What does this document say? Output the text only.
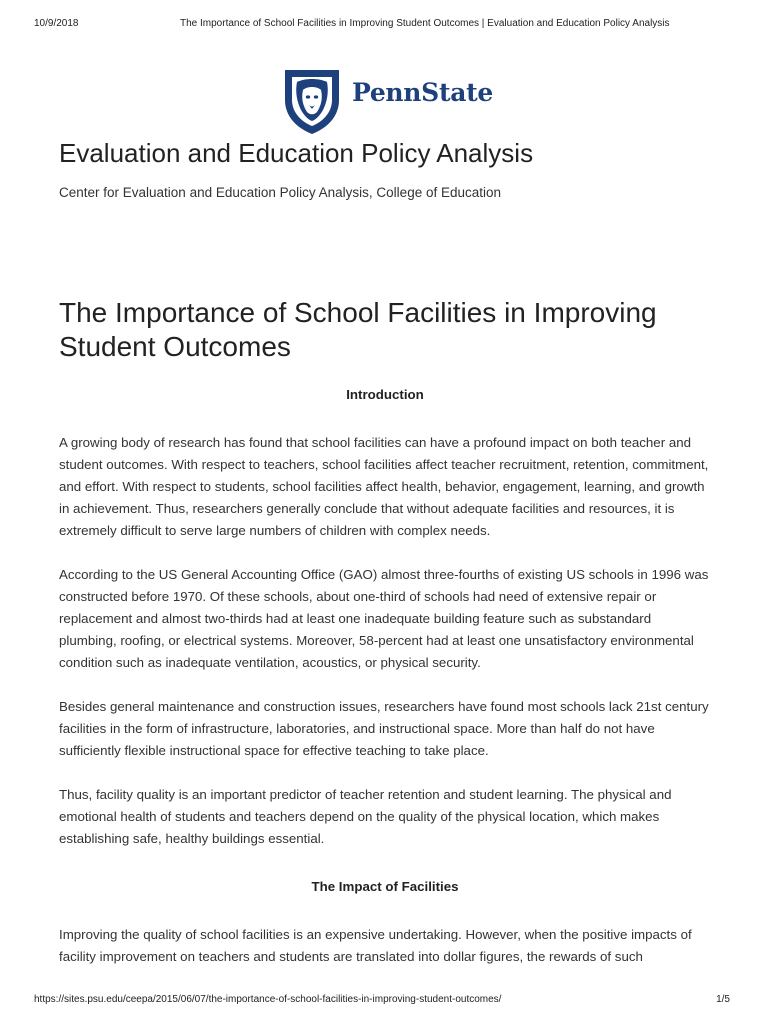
10/9/2018	The Importance of School Facilities in Improving Student Outcomes | Evaluation and Education Policy Analysis
PennState
Evaluation and Education Policy Analysis

Center for Evaluation and Education Policy Analysis, College of Education

The Importance of School Facilities in Improving Student Outcomes
Introduction

A growing body of research has found that school facilities can have a profound impact on both teacher and student outcomes. With respect to teachers, school facilities affect teacher recruitment, retention, commitment, and effort. With respect to students, school facilities affect health, behavior, engagement, learning, and growth in achievement. Thus, researchers generally conclude that without adequate facilities and resources, it is extremely difficult to serve large numbers of children with complex needs.

According to the US General Accounting Office (GAO) almost three-fourths of existing US schools in 1996 was constructed before 1970. Of these schools, about one-third of schools had need of extensive repair or replacement and almost two-thirds had at least one inadequate building feature such as substandard plumbing, roofing, or electrical systems. Moreover, 58-percent had at least one unsatisfactory environmental condition such as inadequate ventilation, acoustics, or physical security.

Besides general maintenance and construction issues, researchers have found most schools lack 21st century facilities in the form of infrastructure, laboratories, and instructional space. More than half do not have sufficiently flexible instructional space for effective teaching to take place.

Thus, facility quality is an important predictor of teacher retention and student learning. The physical and emotional health of students and teachers depend on the quality of the physical location, which makes establishing safe, healthy buildings essential.

The Impact of Facilities

Improving the quality of school facilities is an expensive undertaking. However, when the positive impacts of facility improvement on teachers and students are translated into dollar figures, the rewards of such

https://sites.psu.edu/ceepa/2015/06/07/the-importance-of-school-facilities-in-improving-student-outcomes/	1/5
